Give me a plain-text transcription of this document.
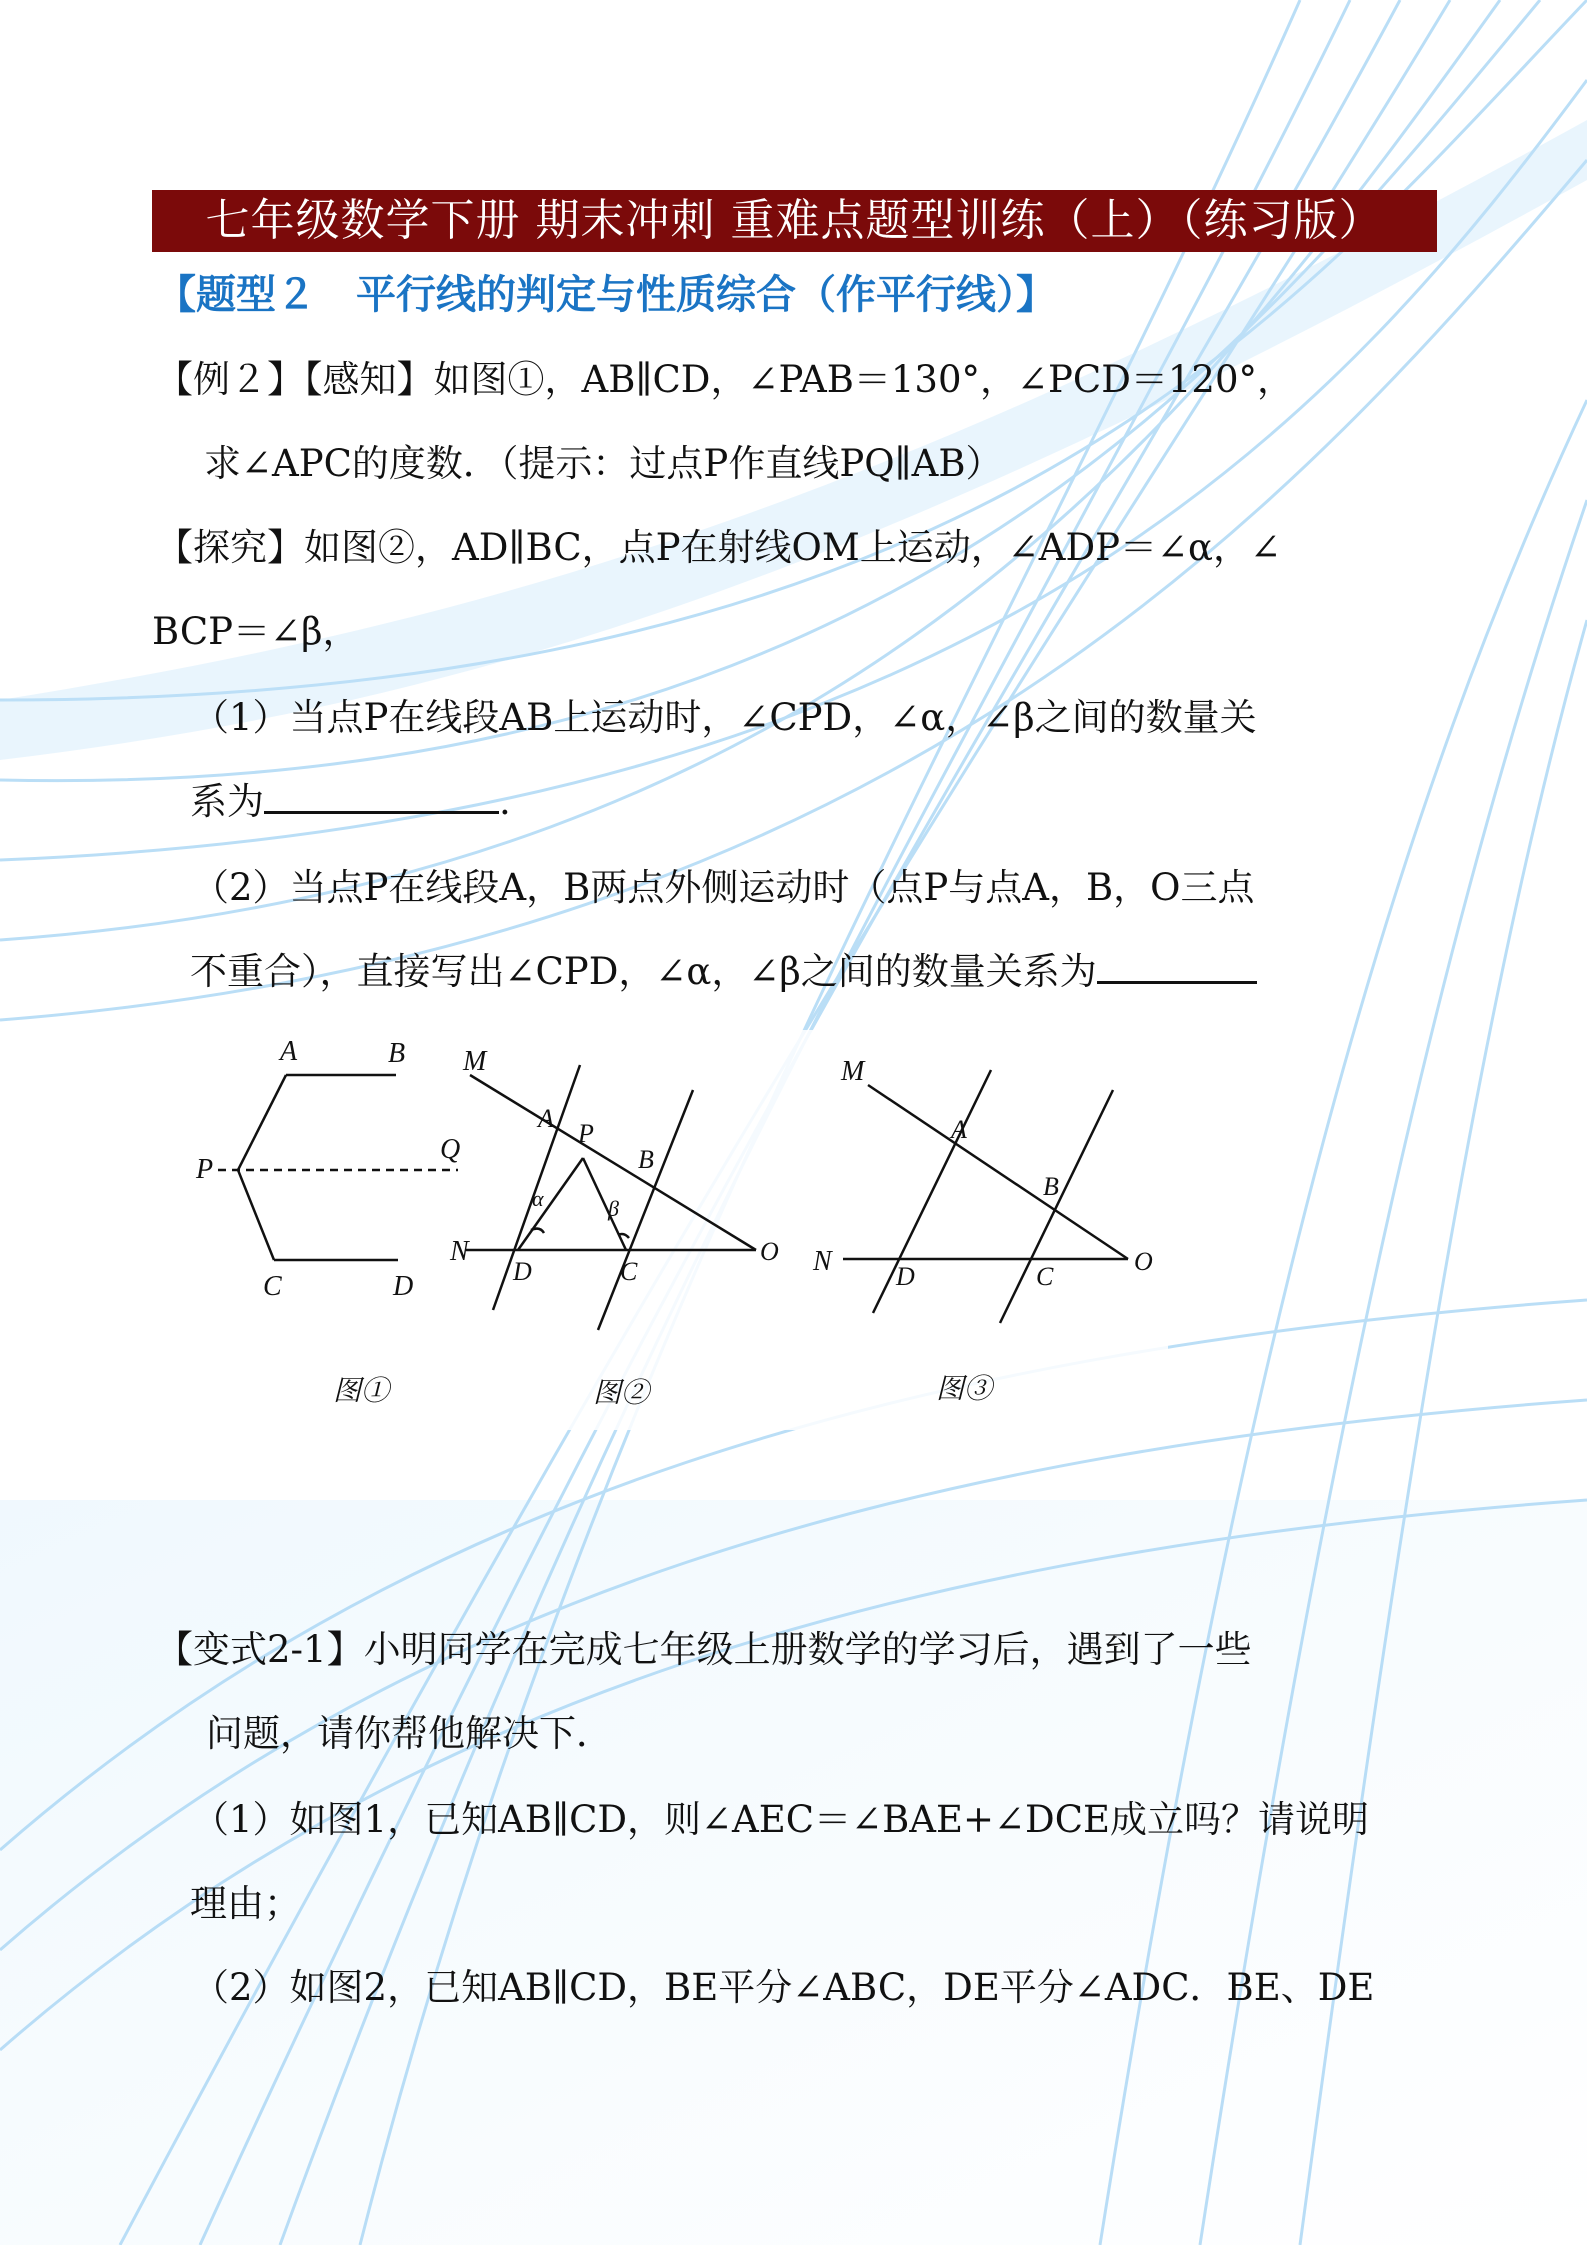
七年级数学下册 期末冲刺 重难点题型训练（上）（练习版）
【题型２　平行线的判定与性质综合（作平行线）】
【例２】【感知】如图①，AB∥CD，∠PAB＝130°，∠PCD＝120°，
求∠APC的度数．（提示：过点P作直线PQ∥AB）
【探究】如图②，AD∥BC，点P在射线OM上运动，∠ADP＝∠α，∠
BCP＝∠β，
（1）当点P在线段AB上运动时，∠CPD，∠α，∠β之间的数量关
系为	.
（2）当点P在线段A，B两点外侧运动时（点P与点A，B，O三点
不重合），直接写出∠CPD，∠α，∠β之间的数量关系为
A	B
P
Q
C	D
图①
M
A
P
B
α	β
N
D	C
O
图②
M
A
B
N D	C
O
图③
【变式2-1】小明同学在完成七年级上册数学的学习后，遇到了一些
问题，请你帮他解决下．
（1）如图1，已知AB∥CD，则∠AEC＝∠BAE+∠DCE成立吗？请说明
理由；
（2）如图2，已知AB∥CD，BE平分∠ABC，DE平分∠ADC．BE、DE
